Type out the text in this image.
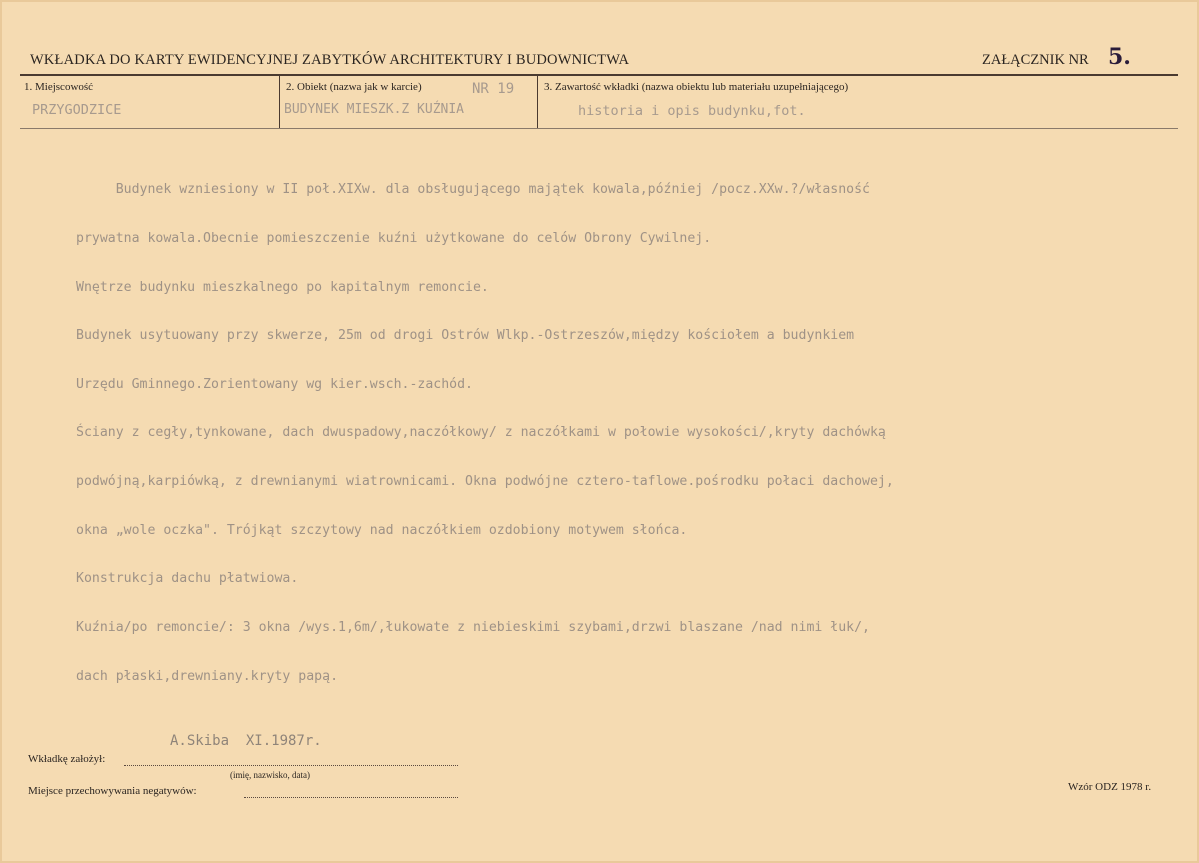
WKŁADKA DO KARTY EWIDENCYJNEJ ZABYTKÓW ARCHITEKTURY I BUDOWNICTWA	ZAŁĄCZNIK NR 5.
1. Miejscowość
PRZYGODZICE
2. Obiekt (nazwa jak w karcie)	NR 19
BUDYNEK MIESZK.Z KUŹNIA
3. Zawartość wkładki (nazwa obiektu lub materiału uzupełniającego)
historia i opis budynku,fot.

Budynek wzniesiony w II poł.XIXw. dla obsługującego majątek kowala,później /pocz.XXw.?/własność

prywatna kowala.Obecnie pomieszczenie kuźni użytkowane do celów Obrony Cywilnej.

Wnętrze budynku mieszkalnego po kapitalnym remoncie.

Budynek usytuowany przy skwerze, 25m od drogi Ostrów Wlkp.-Ostrzeszów,między kościołem a budynkiem

Urzędu Gminnego.Zorientowany wg kier.wsch.-zachód.

Ściany z cegły,tynkowane, dach dwuspadowy,naczółkowy/ z naczółkami w połowie wysokości/,kryty dachówką

podwójną,karpiówką, z drewnianymi wiatrownicami. Okna podwójne cztero-taflowe.pośrodku połaci dachowej,

okna „wole oczka". Trójkąt szczytowy nad naczółkiem ozdobiony motywem słońca.

Konstrukcja dachu płatwiowa.

Kuźnia/po remoncie/: 3 okna /wys.1,6m/,łukowate z niebieskimi szybami,drzwi blaszane /nad nimi łuk/,

dach płaski,drewniany.kryty papą.

A.Skiba  XI.1987r.
Wkładkę założył:
(imię, nazwisko, data)
Miejsce przechowywania negatywów:	Wzór ODZ 1978 r.
